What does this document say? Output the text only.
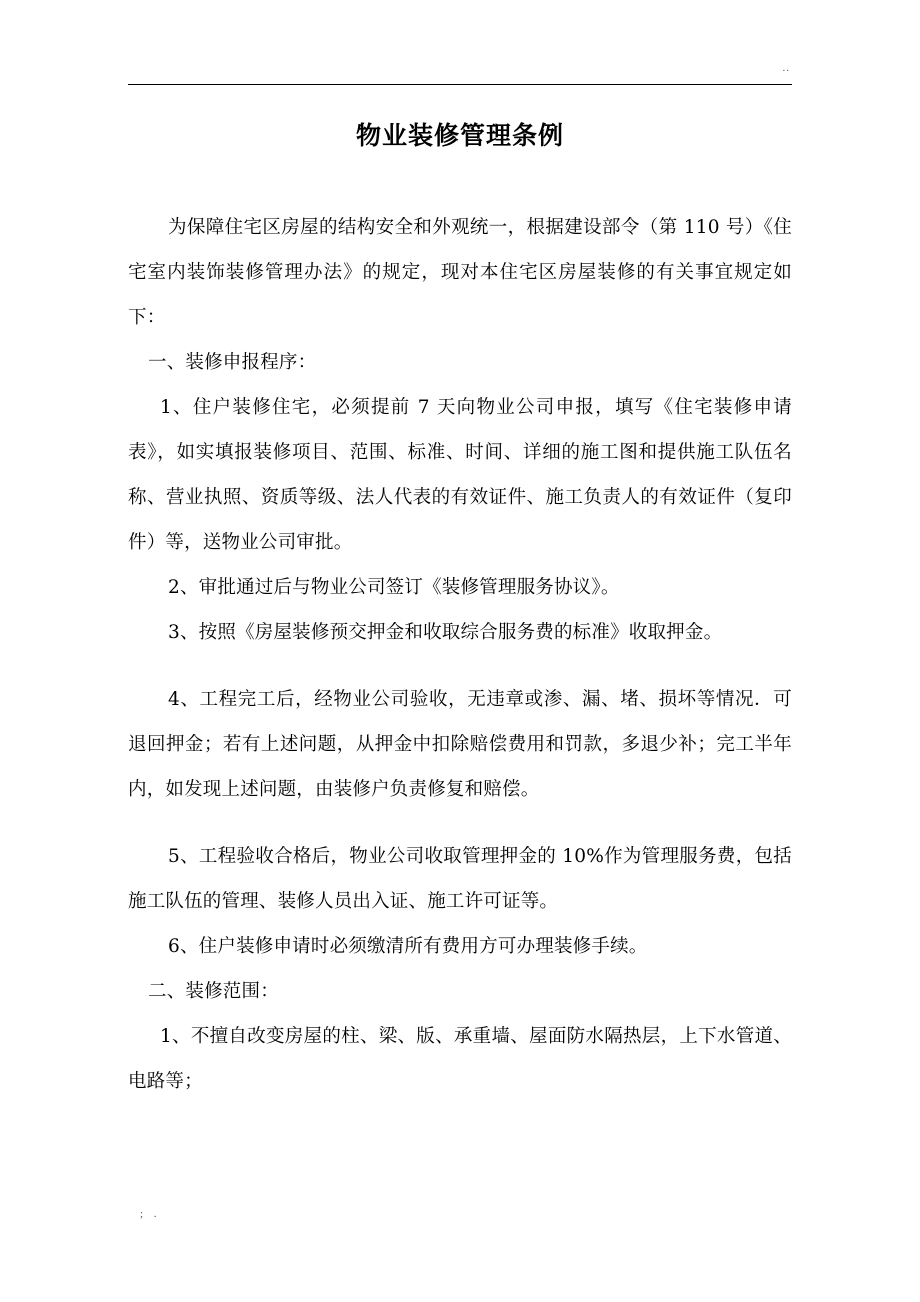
..
物业装修管理条例

为保障住宅区房屋的结构安全和外观统一，根据建设部令（第 110 号）《住宅室内装饰装修管理办法》的规定，现对本住宅区房屋装修的有关事宜规定如下：

一、装修申报程序：

1、住户装修住宅，必须提前 7 天向物业公司申报，填写《住宅装修申请表》，如实填报装修项目、范围、标准、时间、详细的施工图和提供施工队伍名称、营业执照、资质等级、法人代表的有效证件、施工负责人的有效证件（复印件）等，送物业公司审批。

2、审批通过后与物业公司签订《装修管理服务协议》。

3、按照《房屋装修预交押金和收取综合服务费的标准》收取押金。

4、工程完工后，经物业公司验收，无违章或渗、漏、堵、损坏等情况．可退回押金；若有上述问题，从押金中扣除赔偿费用和罚款，多退少补；完工半年内，如发现上述问题，由装修户负责修复和赔偿。

5、工程验收合格后，物业公司收取管理押金的 10%作为管理服务费，包括施工队伍的管理、装修人员出入证、施工许可证等。

6、住户装修申请时必须缴清所有费用方可办理装修手续。

二、装修范围：

1、不擅自改变房屋的柱、梁、版、承重墙、屋面防水隔热层，上下水管道、电路等；

; .
